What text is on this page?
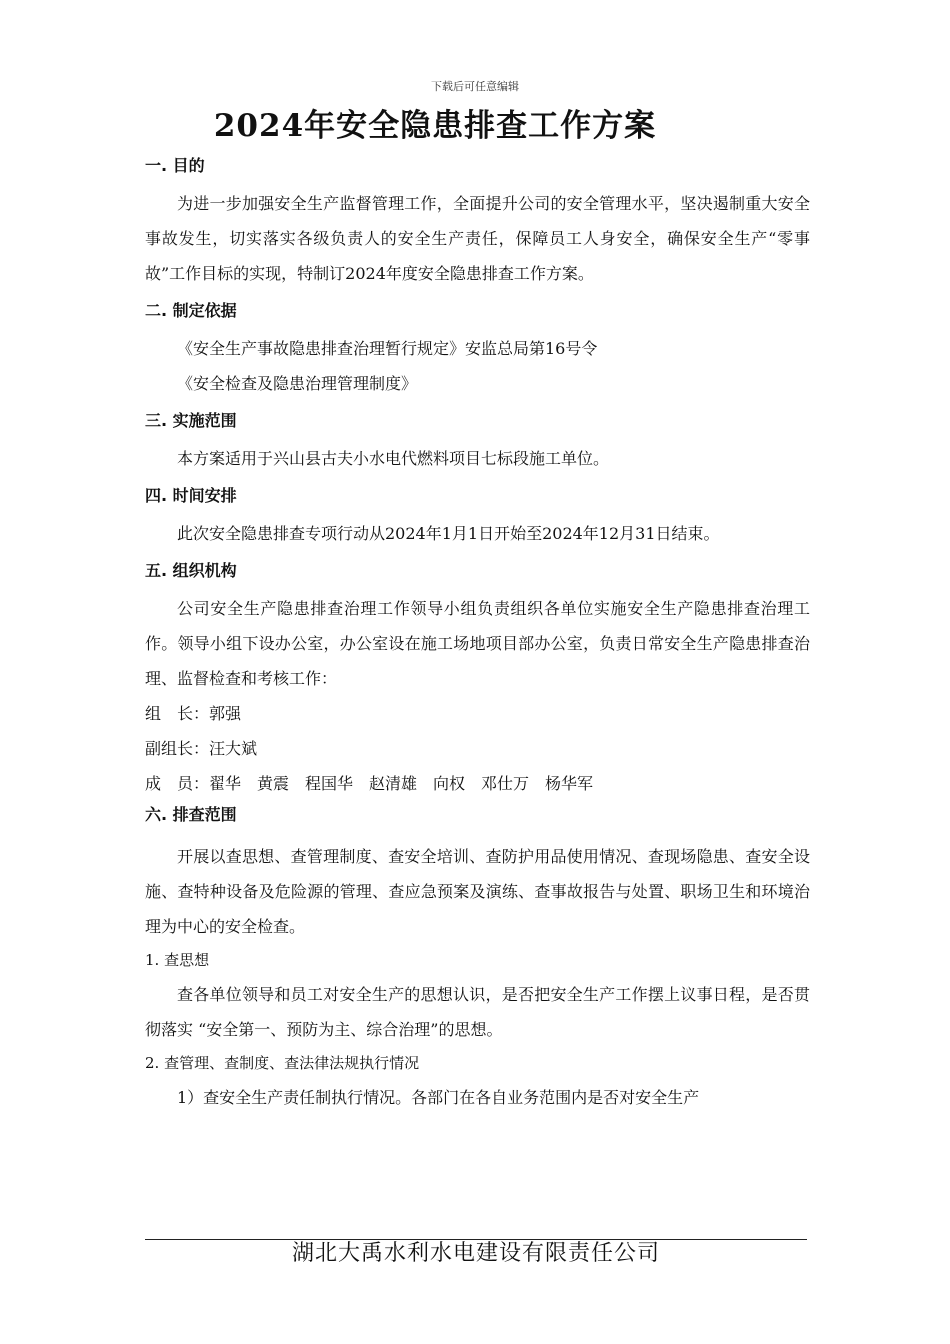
下载后可任意编辑
2024年安全隐患排查工作方案

一. 目的

为进一步加强安全生产监督管理工作，全面提升公司的安全管理水平，坚决遏制重大安全事故发生，切实落实各级负责人的安全生产责任，保障员工人身安全，确保安全生产“零事故”工作目标的实现，特制订2024年度安全隐患排查工作方案。

二. 制定依据

《安全生产事故隐患排查治理暂行规定》安监总局第16号令

《安全检查及隐患治理管理制度》

三. 实施范围

本方案适用于兴山县古夫小水电代燃料项目七标段施工单位。

四. 时间安排

此次安全隐患排查专项行动从2024年1月1日开始至2024年12月31日结束。

五. 组织机构

公司安全生产隐患排查治理工作领导小组负责组织各单位实施安全生产隐患排查治理工作。领导小组下设办公室，办公室设在施工场地项目部办公室，负责日常安全生产隐患排查治理、监督检查和考核工作：

组　长：郭强

副组长：汪大斌

成　员：翟华　黄震　程国华　赵清雄　向权　邓仕万　杨华军

六. 排查范围

开展以查思想、查管理制度、查安全培训、查防护用品使用情况、查现场隐患、查安全设施、查特种设备及危险源的管理、查应急预案及演练、查事故报告与处置、职场卫生和环境治理为中心的安全检查。

1. 查思想

查各单位领导和员工对安全生产的思想认识，是否把安全生产工作摆上议事日程，是否贯彻落实 “安全第一、预防为主、综合治理”的思想。

2. 查管理、查制度、查法律法规执行情况

1）查安全生产责任制执行情况。各部门在各自业务范围内是否对安全生产

湖北大禹水利水电建设有限责任公司
